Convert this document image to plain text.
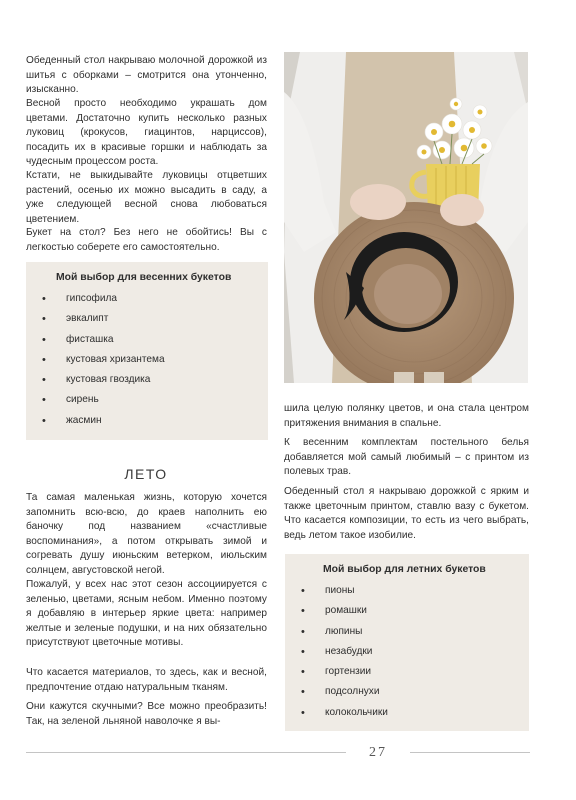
Обеденный стол накрываю молочной дорожкой из шитья с оборками – смотрится она утонченно, изысканно.

Весной просто необходимо украшать дом цветами. Достаточно купить несколько разных луковиц (крокусов, гиацинтов, нарциссов), посадить их в красивые горшки и наблюдать за чудесным процессом роста.

Кстати, не выкидывайте луковицы отцветших растений, осенью их можно высадить в саду, а уже следующей весной снова любоваться цветением.

Букет на стол? Без него не обойтись! Вы с легкостью соберете его самостоятельно.

Мой выбор для весенних букетов
• гипсофила
• эвкалипт
• фисташка
• кустовая хризантема
• кустовая гвоздика
• сирень
• жасмин
ЛЕТО

Та самая маленькая жизнь, которую хочется запомнить всю-всю, до краев наполнить ею баночку под названием «счастливые воспоминания», а потом открывать зимой и согревать душу июньским ветерком, июльским солнцем, августовской негой.

Пожалуй, у всех нас этот сезон ассоциируется с зеленью, цветами, ясным небом. Именно поэтому я добавляю в интерьер яркие цвета: например желтые и зеленые подушки, и на них обязательно присутствуют цветочные мотивы.

Что касается материалов, то здесь, как и весной, предпочтение отдаю натуральным тканям.

Они кажутся скучными? Все можно преобразить! Так, на зеленой льняной наволочке я вы-

шила целую полянку цветов, и она стала центром притяжения внимания в спальне.

К весенним комплектам постельного белья добавляется мой самый любимый – с принтом из полевых трав.

Обеденный стол я накрываю дорожкой с ярким и также цветочным принтом, ставлю вазу с букетом. Что касается композиции, то есть из чего выбрать, ведь летом такое изобилие.

Мой выбор для летних букетов
• пионы
• ромашки
• люпины
• незабудки
• гортензии
• подсолнухи
• колокольчики
27
